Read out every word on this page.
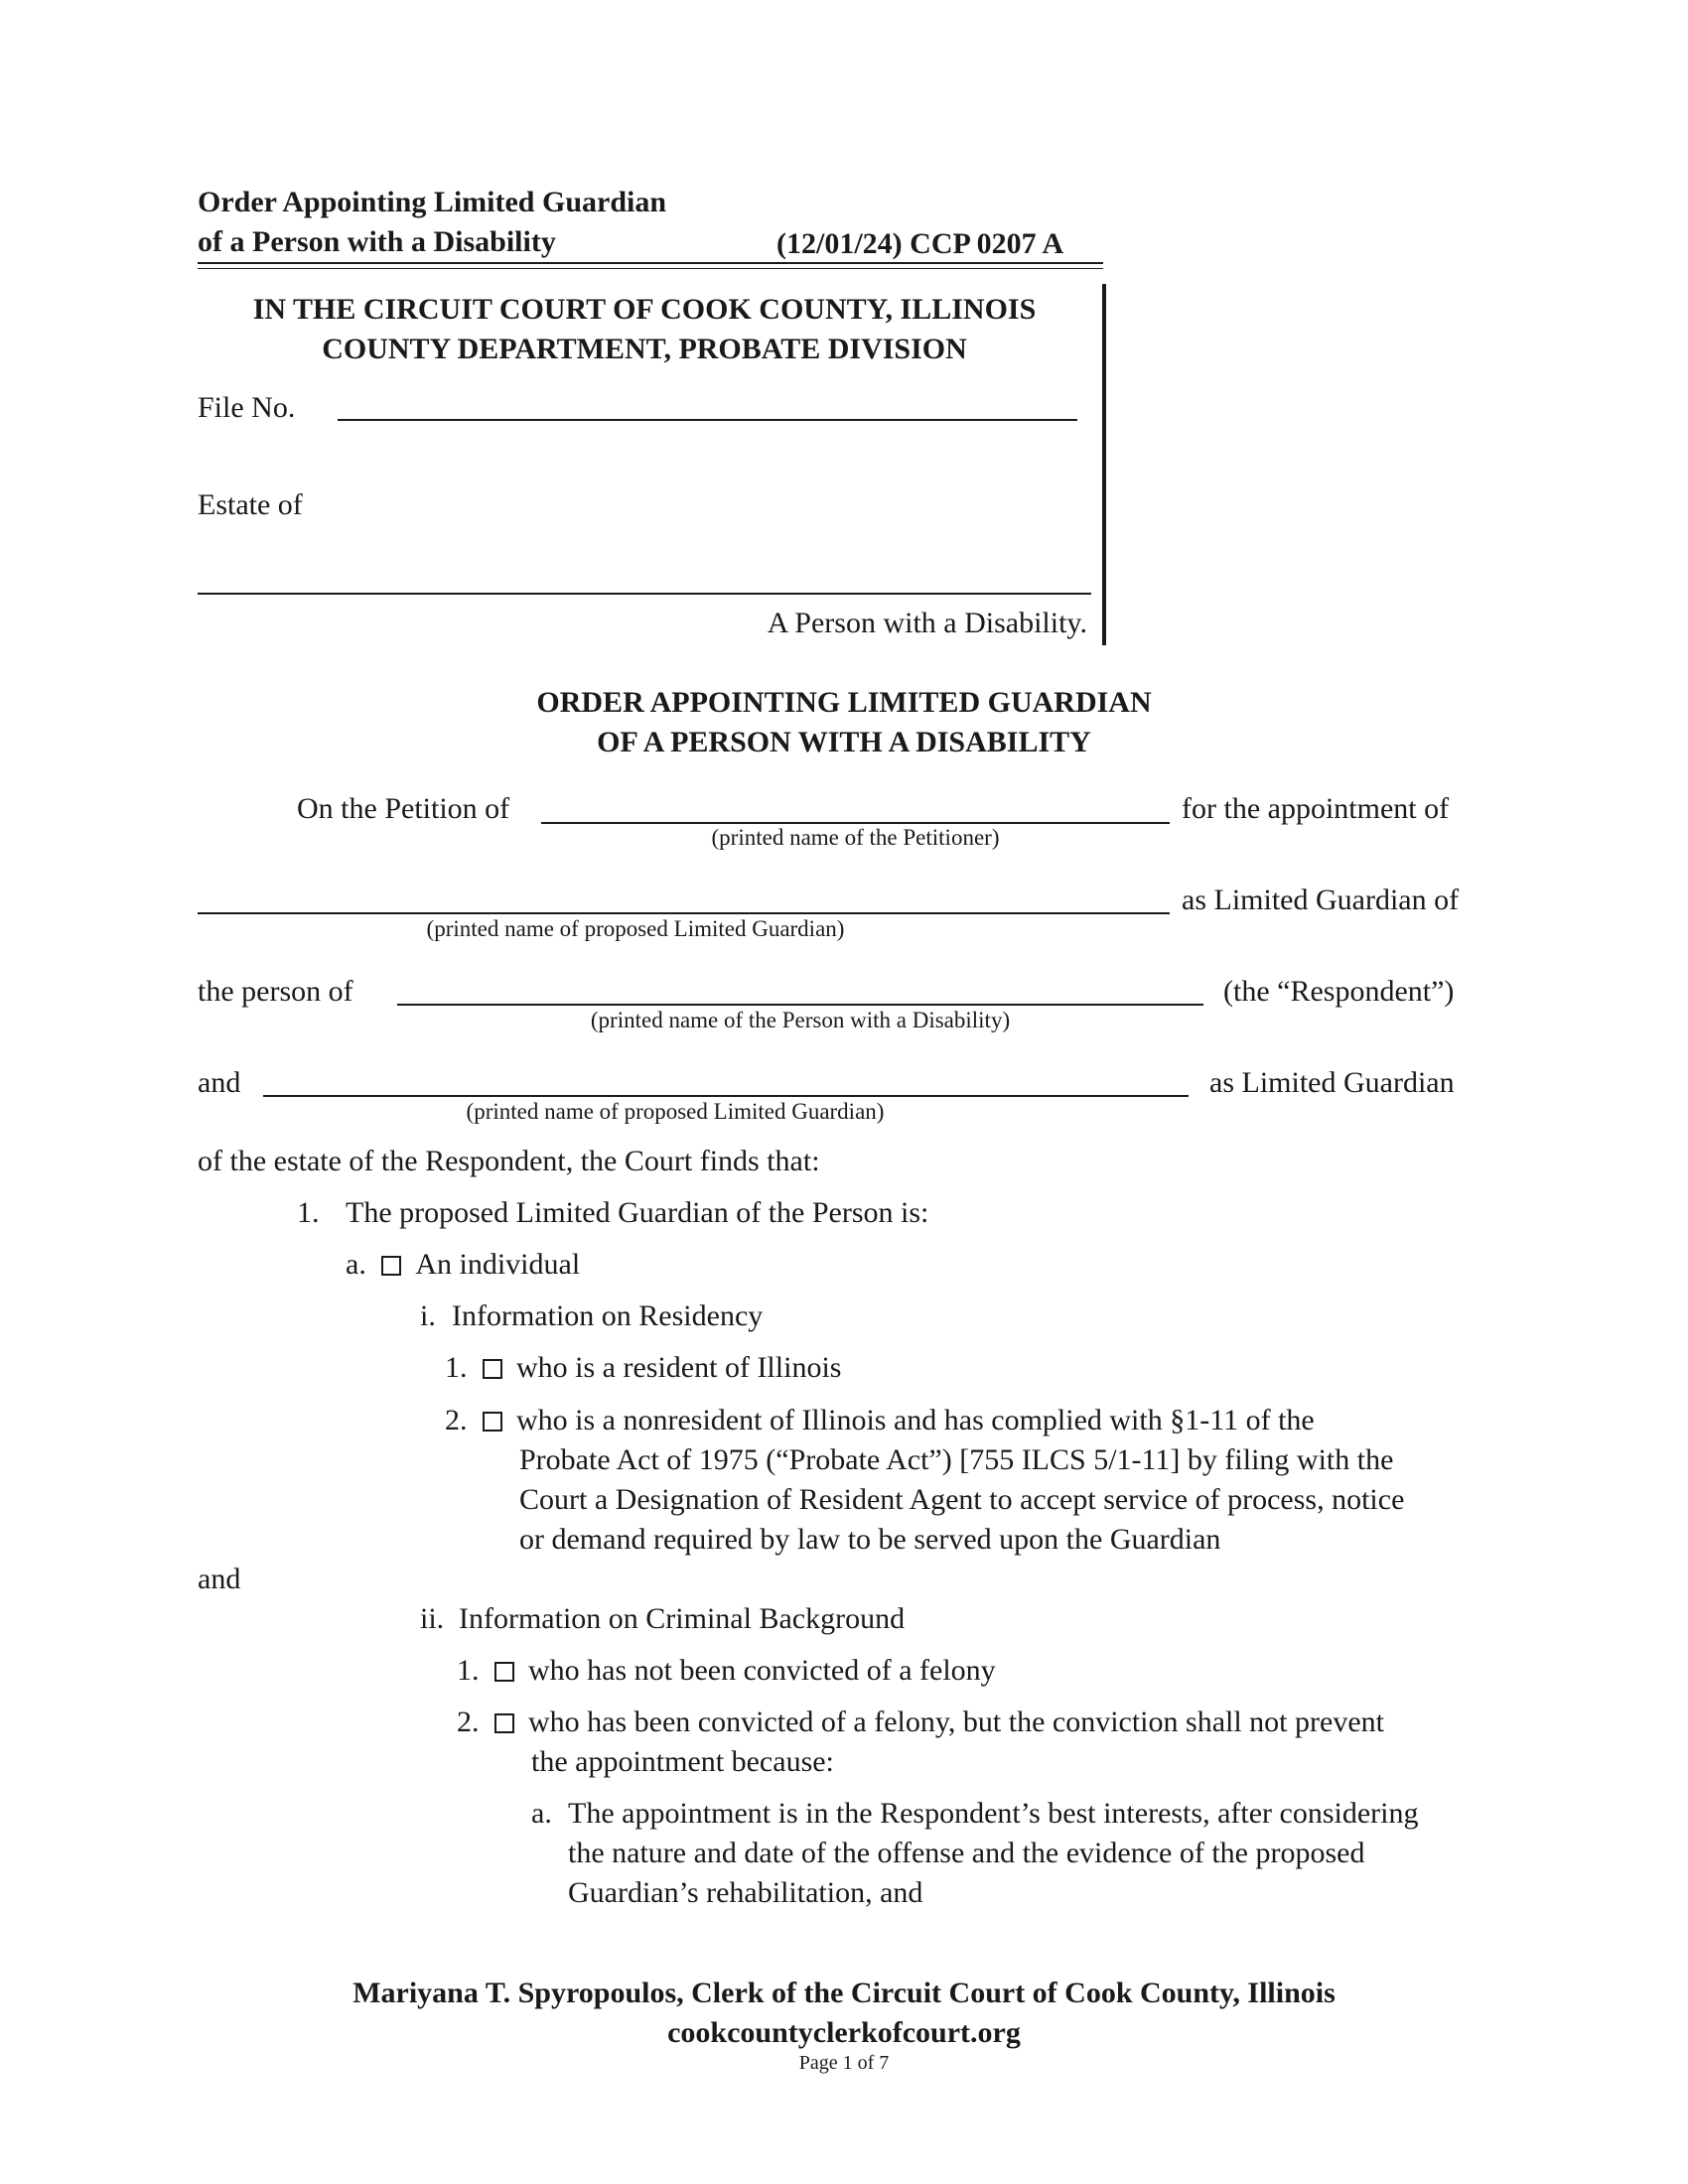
Order Appointing Limited Guardian
of a Person with a Disability	(12/01/24) CCP 0207 A
IN THE CIRCUIT COURT OF COOK COUNTY, ILLINOIS
COUNTY DEPARTMENT, PROBATE DIVISION
File No.
Estate of
A Person with a Disability.
ORDER APPOINTING LIMITED GUARDIAN
OF A PERSON WITH A DISABILITY
On the Petition of	for the appointment of
(printed name of the Petitioner)
as Limited Guardian of
(printed name of proposed Limited Guardian)
the person of	(the “Respondent”)
(printed name of the Person with a Disability)
and	as Limited Guardian
(printed name of proposed Limited Guardian)
of the estate of the Respondent, the Court finds that:
1. The proposed Limited Guardian of the Person is:
a. An individual
i. Information on Residency
1. who is a resident of Illinois
2. who is a nonresident of Illinois and has complied with §1-11 of the
Probate Act of 1975 (“Probate Act”) [755 ILCS 5/1-11] by filing with the
Court a Designation of Resident Agent to accept service of process, notice
or demand required by law to be served upon the Guardian
and
ii. Information on Criminal Background
1. who has not been convicted of a felony
2. who has been convicted of a felony, but the conviction shall not prevent
the appointment because:
a. The appointment is in the Respondent’s best interests, after considering
the nature and date of the offense and the evidence of the proposed
Guardian’s rehabilitation, and
Mariyana T. Spyropoulos, Clerk of the Circuit Court of Cook County, Illinois
cookcountyclerkofcourt.org
Page 1 of 7
